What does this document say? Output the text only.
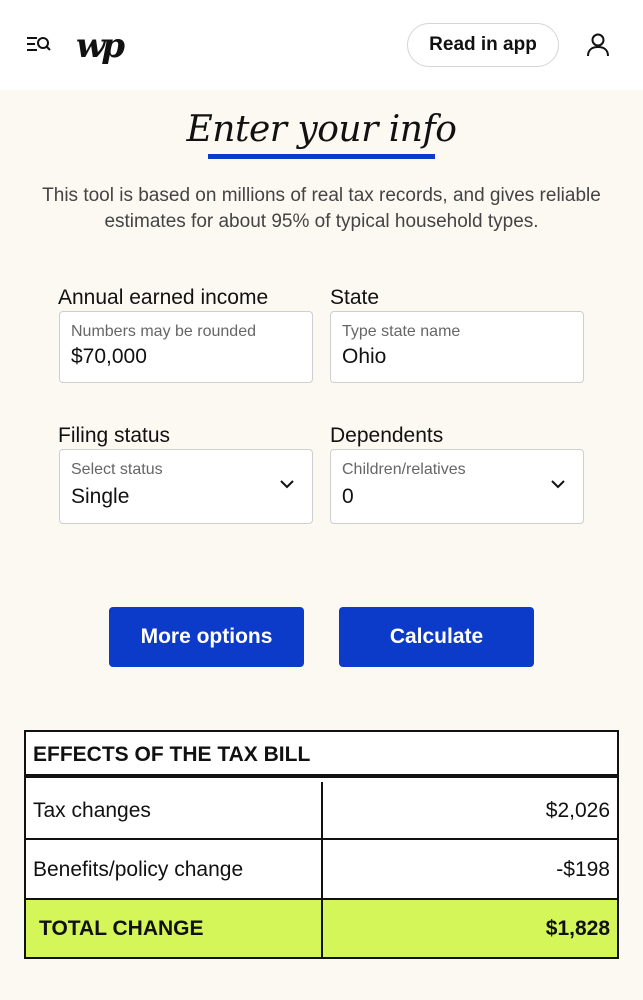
wp	Read in app
Enter your info
This tool is based on millions of real tax records, and gives reliable estimates for about 95% of typical household types.
Annual earned income
Numbers may be rounded
$70,000
State
Type state name
Ohio
Filing status
Select status
Single
Dependents
Children/relatives
0
More options	Calculate
EFFECTS OF THE TAX BILL
Tax changes	$2,026
Benefits/policy change	-$198
TOTAL CHANGE	$1,828
